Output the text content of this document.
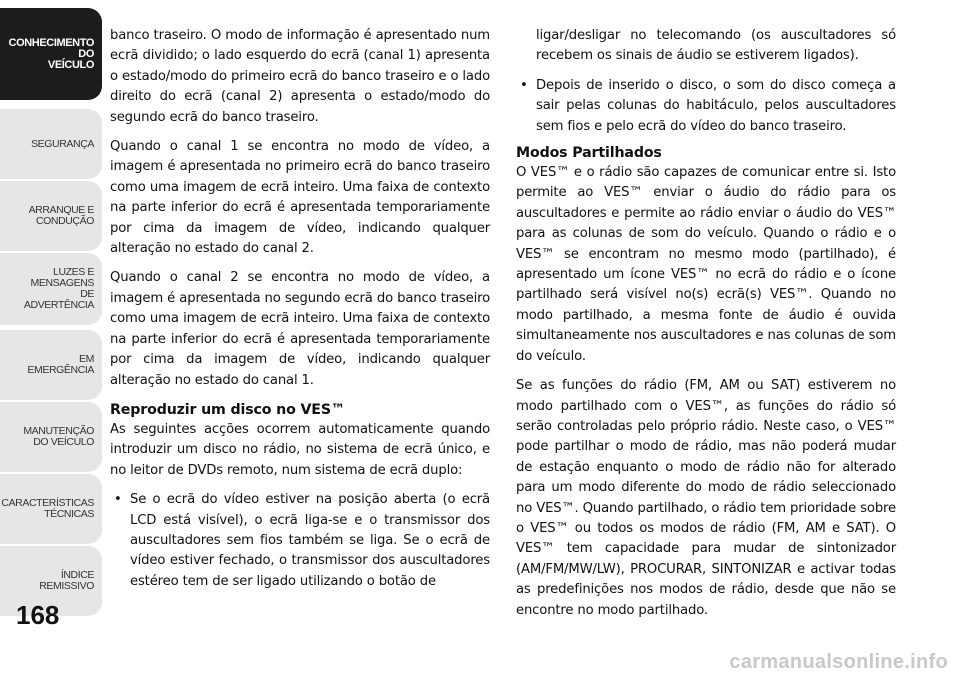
CONHECIMENTO
DO
VEÍCULO
SEGURANÇA
ARRANQUE E
CONDUÇÃO
LUZES E
MENSAGENS
DE
ADVERTÊNCIA
EM
EMERGÊNCIA
MANUTENÇÃO
DO VEÍCULO
CARACTERÍSTICAS
TÉCNICAS
ÍNDICE
REMISSIVO
168

banco traseiro. O modo de informação é apresentado num ecrã dividido; o lado esquerdo do ecrã (canal 1) apresenta o estado/modo do primeiro ecrã do banco traseiro e o lado direito do ecrã (canal 2) apresenta o estado/modo do segundo ecrã do banco traseiro.

Quando o canal 1 se encontra no modo de vídeo, a imagem é apresentada no primeiro ecrã do banco traseiro como uma imagem de ecrã inteiro. Uma faixa de contexto na parte inferior do ecrã é apresentada temporariamente por cima da imagem de vídeo, indicando qualquer alteração no estado do canal 2.

Quando o canal 2 se encontra no modo de vídeo, a imagem é apresentada no segundo ecrã do banco traseiro como uma imagem de ecrã inteiro. Uma faixa de contexto na parte inferior do ecrã é apresentada temporariamente por cima da imagem de vídeo, indicando qualquer alteração no estado do canal 1.

Reproduzir um disco no VES™

As seguintes acções ocorrem automaticamente quando introduzir um disco no rádio, no sistema de ecrã único, e no leitor de DVDs remoto, num sistema de ecrã duplo:

• Se o ecrã do vídeo estiver na posição aberta (o ecrã LCD está visível), o ecrã liga-se e o transmissor dos auscultadores sem fios também se liga. Se o ecrã de vídeo estiver fechado, o transmissor dos auscultadores estéreo tem de ser ligado utilizando o botão de

ligar/desligar no telecomando (os auscultadores só recebem os sinais de áudio se estiverem ligados).

• Depois de inserido o disco, o som do disco começa a sair pelas colunas do habitáculo, pelos auscultadores sem fios e pelo ecrã do vídeo do banco traseiro.
Modos Partilhados

O VES™ e o rádio são capazes de comunicar entre si. Isto permite ao VES™ enviar o áudio do rádio para os auscultadores e permite ao rádio enviar o áudio do VES™ para as colunas de som do veículo. Quando o rádio e o VES™ se encontram no mesmo modo (partilhado), é apresentado um ícone VES™ no ecrã do rádio e o ícone partilhado será visível no(s) ecrã(s) VES™. Quando no modo partilhado, a mesma fonte de áudio é ouvida simultaneamente nos auscultadores e nas colunas de som do veículo.

Se as funções do rádio (FM, AM ou SAT) estiverem no modo partilhado com o VES™, as funções do rádio só serão controladas pelo próprio rádio. Neste caso, o VES™ pode partilhar o modo de rádio, mas não poderá mudar de estação enquanto o modo de rádio não for alterado para um modo diferente do modo de rádio seleccionado no VES™. Quando partilhado, o rádio tem prioridade sobre o VES™ ou todos os modos de rádio (FM, AM e SAT). O VES™ tem capacidade para mudar de sintonizador (AM/FM/MW/LW), PROCURAR, SINTONIZAR e activar todas as predefinições nos modos de rádio, desde que não se encontre no modo partilhado.

carmanualsonline.info
